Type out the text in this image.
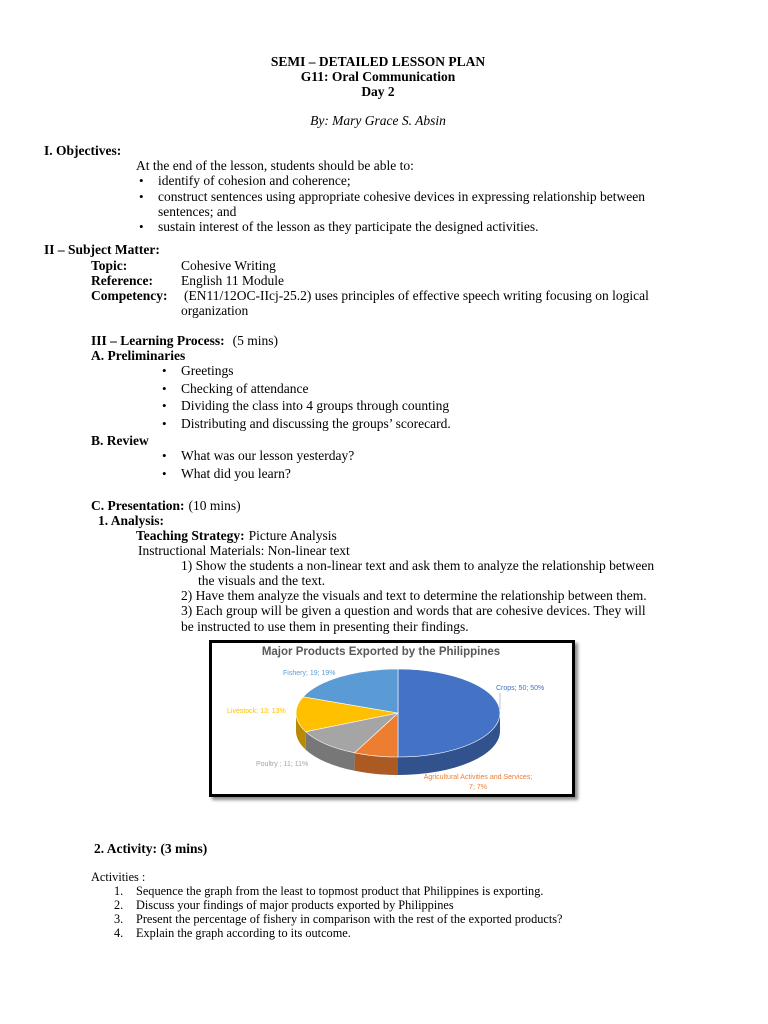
SEMI – DETAILED LESSON PLAN
G11: Oral Communication
Day 2
By: Mary Grace S. Absin
I. Objectives:
At the end of the lesson, students should be able to:
•
identify of cohesion and coherence;
•
construct sentences using appropriate cohesive devices in expressing relationship between
sentences; and
•
sustain interest of the lesson as they participate the designed activities.
II – Subject Matter:
Topic:	Cohesive Writing
Reference: English 11 Module
Competency: (EN11/12OC-IIcj-25.2) uses principles of effective speech writing focusing on logical
organization
III – Learning Process: (5 mins)
A. Preliminaries
•
Greetings
•
Checking of attendance
•
Dividing the class into 4 groups through counting
•
Distributing and discussing the groups’ scorecard.
B. Review
•
What was our lesson yesterday?
•
What did you learn?
C. Presentation: (10 mins)
1. Analysis:
Teaching Strategy: Picture Analysis
Instructional Materials: Non-linear text
1) Show the students a non-linear text and ask them to analyze the relationship between
the visuals and the text.
2) Have them analyze the visuals and text to determine the relationship between them.
3) Each group will be given a question and words that are cohesive devices. They will
be instructed to use them in presenting their findings.
Major Products Exported by the Philippines
Crops; 50; 50%
Agricultural Activities and Services; 7; 7%
Poultry ; 11; 11%
Livestock; 13; 13%
Fishery; 19; 19%
2. Activity: (3 mins)
Activities :
1. Sequence the graph from the least to topmost product that Philippines is exporting.
2. Discuss your findings of major products exported by Philippines
3. Present the percentage of fishery in comparison with the rest of the exported products?
4. Explain the graph according to its outcome.
